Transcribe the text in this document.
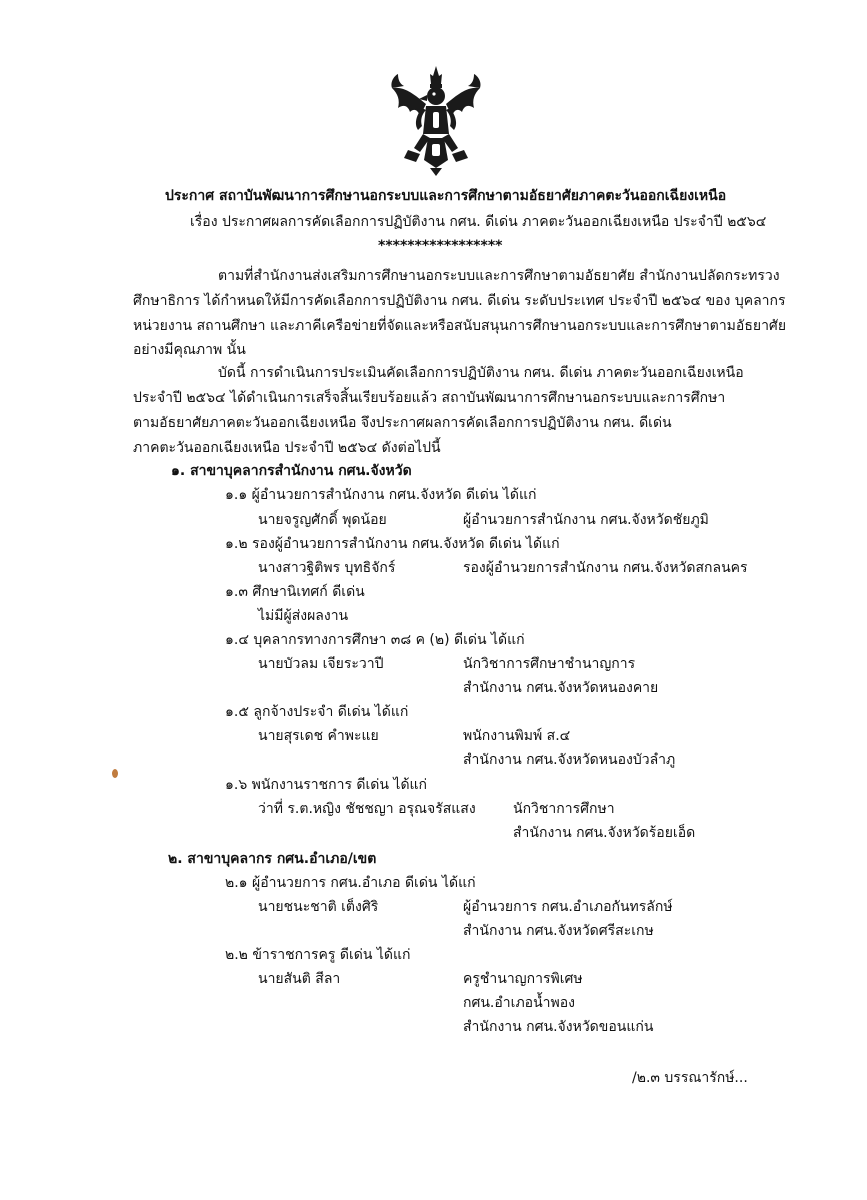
ประกาศ สถาบันพัฒนาการศึกษานอกระบบและการศึกษาตามอัธยาศัยภาคตะวันออกเฉียงเหนือ
เรื่อง ประกาศผลการคัดเลือกการปฏิบัติงาน กศน. ดีเด่น ภาคตะวันออกเฉียงเหนือ ประจำปี ๒๕๖๔
*****************
ตามที่สำนักงานส่งเสริมการศึกษานอกระบบและการศึกษาตามอัธยาศัย สำนักงานปลัดกระทรวง
ศึกษาธิการ ได้กำหนดให้มีการคัดเลือกการปฏิบัติงาน กศน. ดีเด่น ระดับประเทศ ประจำปี ๒๕๖๔ ของ บุคลากร
หน่วยงาน สถานศึกษา และภาคีเครือข่ายที่จัดและหรือสนับสนุนการศึกษานอกระบบและการศึกษาตามอัธยาศัย
อย่างมีคุณภาพ นั้น
บัดนี้ การดำเนินการประเมินคัดเลือกการปฏิบัติงาน กศน. ดีเด่น ภาคตะวันออกเฉียงเหนือ
ประจำปี ๒๕๖๔ ได้ดำเนินการเสร็จสิ้นเรียบร้อยแล้ว สถาบันพัฒนาการศึกษานอกระบบและการศึกษา
ตามอัธยาศัยภาคตะวันออกเฉียงเหนือ จึงประกาศผลการคัดเลือกการปฏิบัติงาน กศน. ดีเด่น
ภาคตะวันออกเฉียงเหนือ ประจำปี ๒๕๖๔ ดังต่อไปนี้
๑. สาขาบุคลากรสำนักงาน กศน.จังหวัด
๑.๑ ผู้อำนวยการสำนักงาน กศน.จังหวัด ดีเด่น ได้แก่
นายจรูญศักดิ์ พุดน้อย	ผู้อำนวยการสำนักงาน กศน.จังหวัดชัยภูมิ
๑.๒ รองผู้อำนวยการสำนักงาน กศน.จังหวัด ดีเด่น ได้แก่
นางสาวฐิติพร บุทธิจักร์	รองผู้อำนวยการสำนักงาน กศน.จังหวัดสกลนคร
๑.๓ ศึกษานิเทศก์ ดีเด่น
ไม่มีผู้ส่งผลงาน
๑.๔ บุคลากรทางการศึกษา ๓๘ ค (๒) ดีเด่น ได้แก่
นายบัวลม เจียระวาปี	นักวิชาการศึกษาชำนาญการ
สำนักงาน กศน.จังหวัดหนองคาย
๑.๕ ลูกจ้างประจำ ดีเด่น ได้แก่
นายสุรเดช คำพะแย	พนักงานพิมพ์ ส.๔
สำนักงาน กศน.จังหวัดหนองบัวลำภู
๑.๖ พนักงานราชการ ดีเด่น ได้แก่
ว่าที่ ร.ต.หญิง ชัชชญา อรุณจรัสแสง	นักวิชาการศึกษา
สำนักงาน กศน.จังหวัดร้อยเอ็ด
๒. สาขาบุคลากร กศน.อำเภอ/เขต
๒.๑ ผู้อำนวยการ กศน.อำเภอ ดีเด่น ได้แก่
นายชนะชาติ เต็งศิริ	ผู้อำนวยการ กศน.อำเภอกันทรลักษ์
สำนักงาน กศน.จังหวัดศรีสะเกษ
๒.๒ ข้าราชการครู ดีเด่น ได้แก่
นายสันติ สีลา	ครูชำนาญการพิเศษ
กศน.อำเภอน้ำพอง
สำนักงาน กศน.จังหวัดขอนแก่น
/๒.๓ บรรณารักษ์...
